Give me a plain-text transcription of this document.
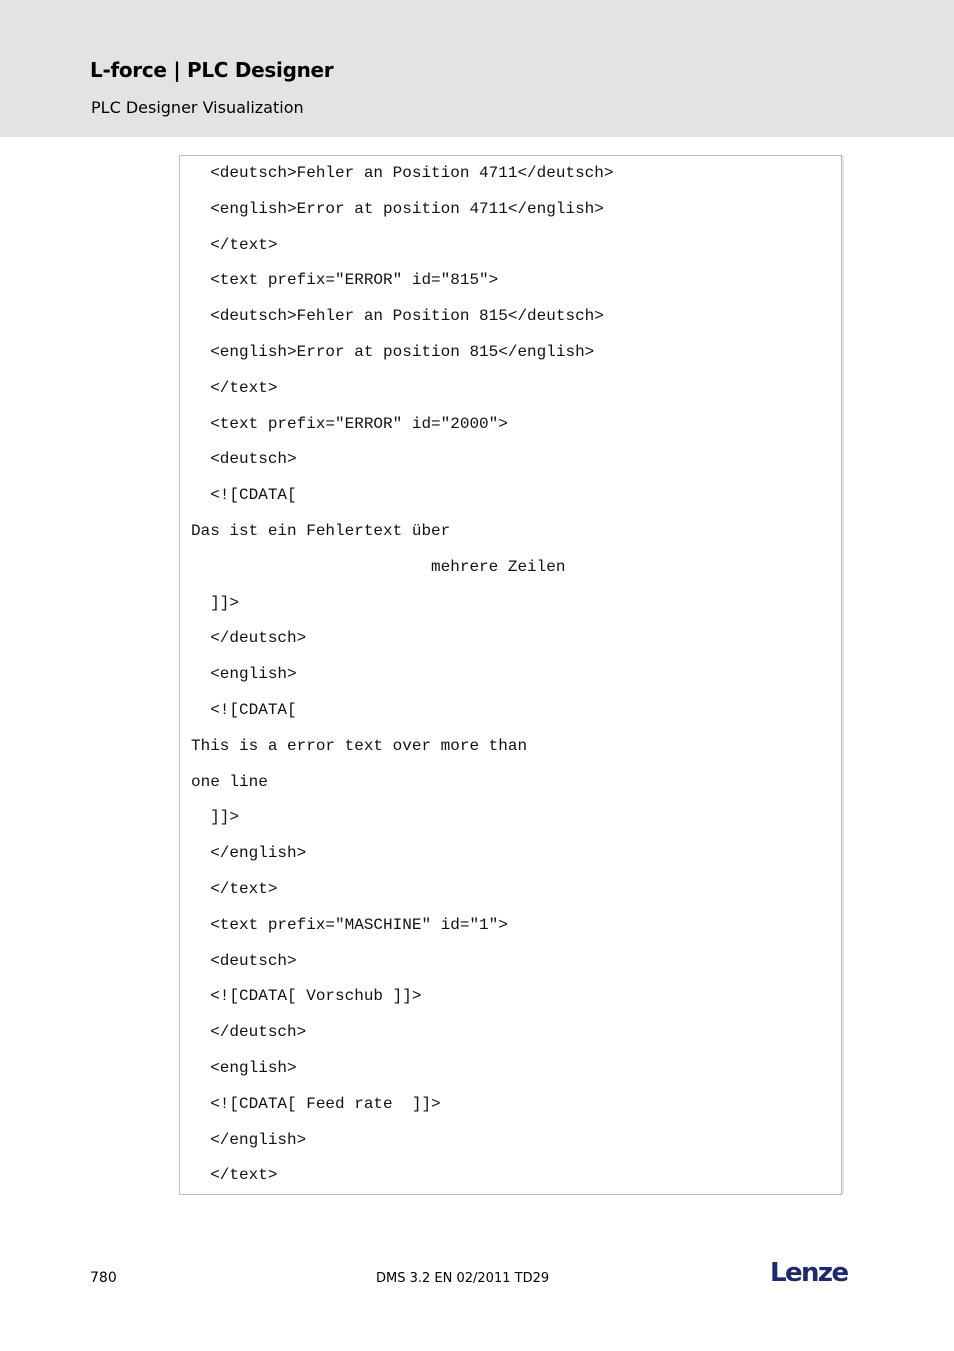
L-force | PLC Designer
PLC Designer Visualization
<deutsch>Fehler an Position 4711</deutsch>
<english>Error at position 4711</english>
</text>
<text prefix="ERROR" id="815">
<deutsch>Fehler an Position 815</deutsch>
<english>Error at position 815</english>
</text>
<text prefix="ERROR" id="2000">
<deutsch>
<![CDATA[
Das ist ein Fehlertext über
mehrere Zeilen
]]>
</deutsch>
<english>
<![CDATA[
This is a error text over more than
one line
]]>
</english>
</text>
<text prefix="MASCHINE" id="1">
<deutsch>
<![CDATA[ Vorschub ]]>
</deutsch>
<english>
<![CDATA[ Feed rate  ]]>
</english>
</text>
780	DMS 3.2 EN 02/2011 TD29	Lenze
